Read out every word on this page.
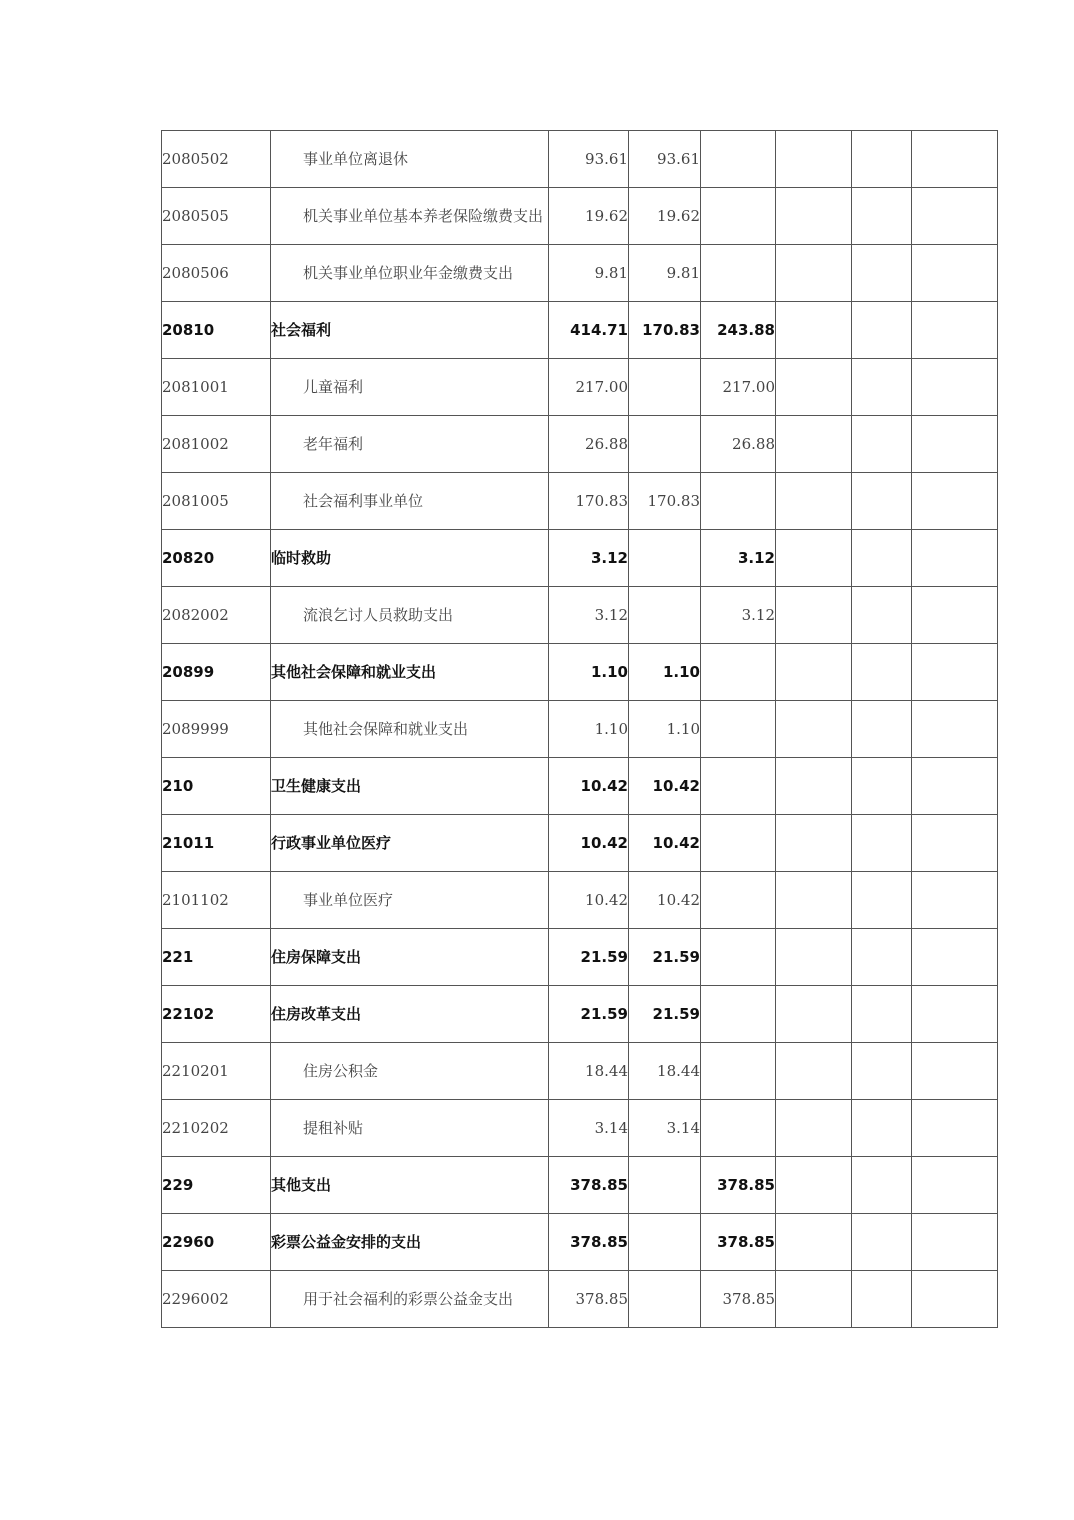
2080502	事业单位离退休	93.61	93.61				
2080505	机关事业单位基本养老保险缴费支出	19.62	19.62				
2080506	机关事业单位职业年金缴费支出	9.81	9.81				
20810	社会福利	414.71	170.83	243.88			
2081001	儿童福利	217.00		217.00			
2081002	老年福利	26.88		26.88			
2081005	社会福利事业单位	170.83	170.83				
20820	临时救助	3.12		3.12			
2082002	流浪乞讨人员救助支出	3.12		3.12			
20899	其他社会保障和就业支出	1.10	1.10				
2089999	其他社会保障和就业支出	1.10	1.10				
210	卫生健康支出	10.42	10.42				
21011	行政事业单位医疗	10.42	10.42				
2101102	事业单位医疗	10.42	10.42				
221	住房保障支出	21.59	21.59				
22102	住房改革支出	21.59	21.59				
2210201	住房公积金	18.44	18.44				
2210202	提租补贴	3.14	3.14				
229	其他支出	378.85		378.85			
22960	彩票公益金安排的支出	378.85		378.85			
2296002	用于社会福利的彩票公益金支出	378.85		378.85			
